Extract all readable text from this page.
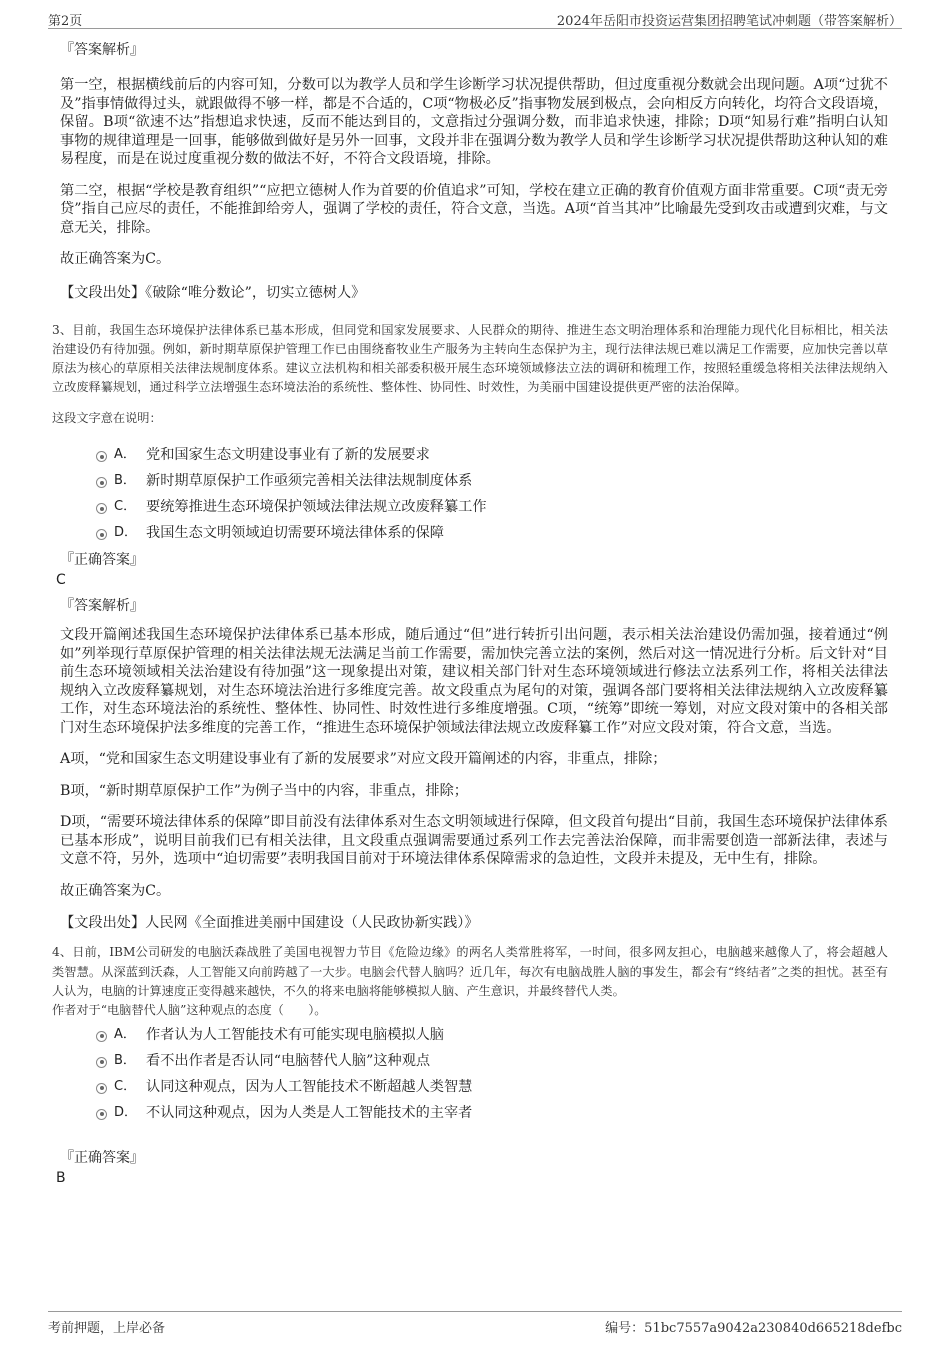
第2页	2024年岳阳市投资运营集团招聘笔试冲刺题（带答案解析）
『答案解析』

第一空，根据横线前后的内容可知，分数可以为教学人员和学生诊断学习状况提供帮助，但过度重视分数就会出现问题。A项“过犹不及”指事情做得过头，就跟做得不够一样，都是不合适的，C项“物极必反”指事物发展到极点，会向相反方向转化，均符合文段语境，保留。B项“欲速不达”指想追求快速，反而不能达到目的，文意指过分强调分数，而非追求快速，排除；D项“知易行难”指明白认知事物的规律道理是一回事，能够做到做好是另外一回事，文段并非在强调分数为教学人员和学生诊断学习状况提供帮助这种认知的难易程度，而是在说过度重视分数的做法不好，不符合文段语境，排除。

第二空，根据“学校是教育组织”“应把立德树人作为首要的价值追求”可知，学校在建立正确的教育价值观方面非常重要。C项“责无旁贷”指自己应尽的责任，不能推卸给旁人，强调了学校的责任，符合文意，当选。A项“首当其冲”比喻最先受到攻击或遭到灾难，与文意无关，排除。

故正确答案为C。

【文段出处】《破除“唯分数论”，切实立德树人》

3、目前，我国生态环境保护法律体系已基本形成，但同党和国家发展要求、人民群众的期待、推进生态文明治理体系和治理能力现代化目标相比，相关法治建设仍有待加强。例如，新时期草原保护管理工作已由围绕畜牧业生产服务为主转向生态保护为主，现行法律法规已难以满足工作需要，应加快完善以草原法为核心的草原相关法律法规制度体系。建议立法机构和相关部委积极开展生态环境领域修法立法的调研和梳理工作，按照轻重缓急将相关法律法规纳入立改废释纂规划，通过科学立法增强生态环境法治的系统性、整体性、协同性、时效性，为美丽中国建设提供更严密的法治保障。

这段文字意在说明：
A． 党和国家生态文明建设事业有了新的发展要求
B． 新时期草原保护工作亟须完善相关法律法规制度体系
C． 要统筹推进生态环境保护领域法律法规立改废释纂工作
D． 我国生态文明领域迫切需要环境法律体系的保障
『正确答案』
C
『答案解析』

文段开篇阐述我国生态环境保护法律体系已基本形成，随后通过“但”进行转折引出问题，表示相关法治建设仍需加强，接着通过“例如”列举现行草原保护管理的相关法律法规无法满足当前工作需要，需加快完善立法的案例，然后对这一情况进行分析。后文针对“目前生态环境领域相关法治建设有待加强”这一现象提出对策，建议相关部门针对生态环境领域进行修法立法系列工作，将相关法律法规纳入立改废释纂规划，对生态环境法治进行多维度完善。故文段重点为尾句的对策，强调各部门要将相关法律法规纳入立改废释纂工作，对生态环境法治的系统性、整体性、协同性、时效性进行多维度增强。C项，“统筹”即统一筹划，对应文段对策中的各相关部门对生态环境保护法多维度的完善工作，“推进生态环境保护领域法律法规立改废释纂工作”对应文段对策，符合文意，当选。

A项，“党和国家生态文明建设事业有了新的发展要求”对应文段开篇阐述的内容，非重点，排除；

B项，“新时期草原保护工作”为例子当中的内容，非重点，排除；

D项，“需要环境法律体系的保障”即目前没有法律体系对生态文明领域进行保障，但文段首句提出“目前，我国生态环境保护法律体系已基本形成”，说明目前我们已有相关法律，且文段重点强调需要通过系列工作去完善法治保障，而非需要创造一部新法律，表述与文意不符，另外，选项中“迫切需要”表明我国目前对于环境法律体系保障需求的急迫性，文段并未提及，无中生有，排除。

故正确答案为C。

【文段出处】人民网《全面推进美丽中国建设（人民政协新实践）》

4、日前，IBM公司研发的电脑沃森战胜了美国电视智力节目《危险边缘》的两名人类常胜将军，一时间，很多网友担心，电脑越来越像人了，将会超越人类智慧。从深蓝到沃森，人工智能又向前跨越了一大步。电脑会代替人脑吗？近几年，每次有电脑战胜人脑的事发生，都会有“终结者”之类的担忧。甚至有人认为，电脑的计算速度正变得越来越快，不久的将来电脑将能够模拟人脑、产生意识，并最终替代人类。

作者对于“电脑替代人脑”这种观点的态度（　　）。
A． 作者认为人工智能技术有可能实现电脑模拟人脑
B． 看不出作者是否认同“电脑替代人脑”这种观点
C． 认同这种观点，因为人工智能技术不断超越人类智慧
D． 不认同这种观点，因为人类是人工智能技术的主宰者
『正确答案』
B
考前押题，上岸必备	编号：51bc7557a9042a230840d665218defbc
